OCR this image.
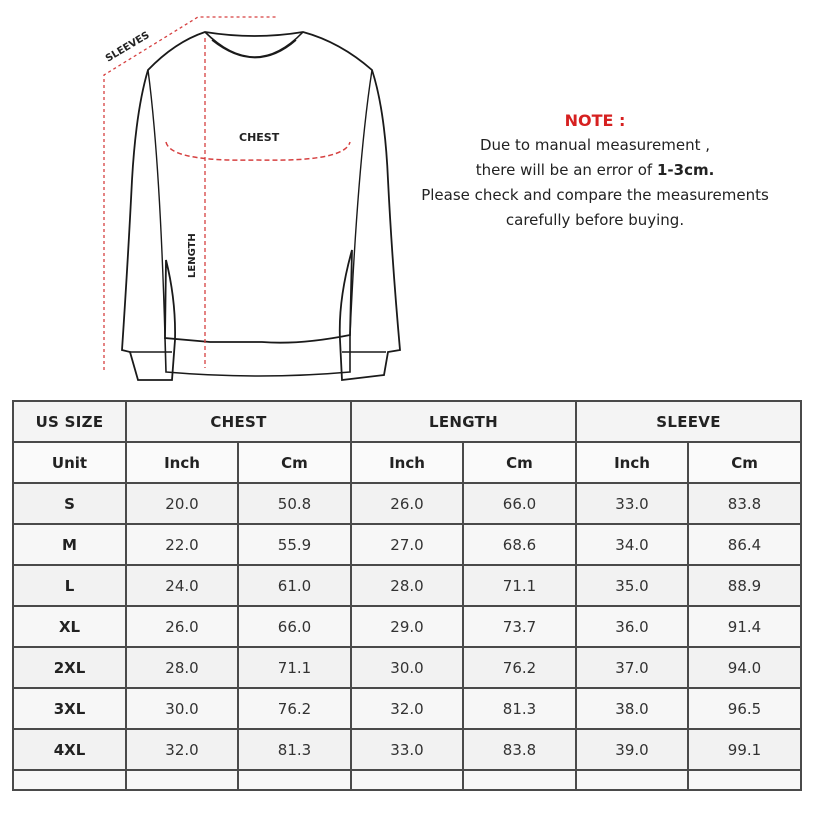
SLEEVES
LENGTH
CHEST
NOTE :
Due to manual measurement ,
there will be an error of 1-3cm.
Please check and compare the measurements
carefully before buying.
US SIZE	CHEST		LENGTH		SLEEVE	
Unit	Inch	Cm	Inch	Cm	Inch	Cm
S	20.0	50.8	26.0	66.0	33.0	83.8
M	22.0	55.9	27.0	68.6	34.0	86.4
L	24.0	61.0	28.0	71.1	35.0	88.9
XL	26.0	66.0	29.0	73.7	36.0	91.4
2XL	28.0	71.1	30.0	76.2	37.0	94.0
3XL	30.0	76.2	32.0	81.3	38.0	96.5
4XL	32.0	81.3	33.0	83.8	39.0	99.1
